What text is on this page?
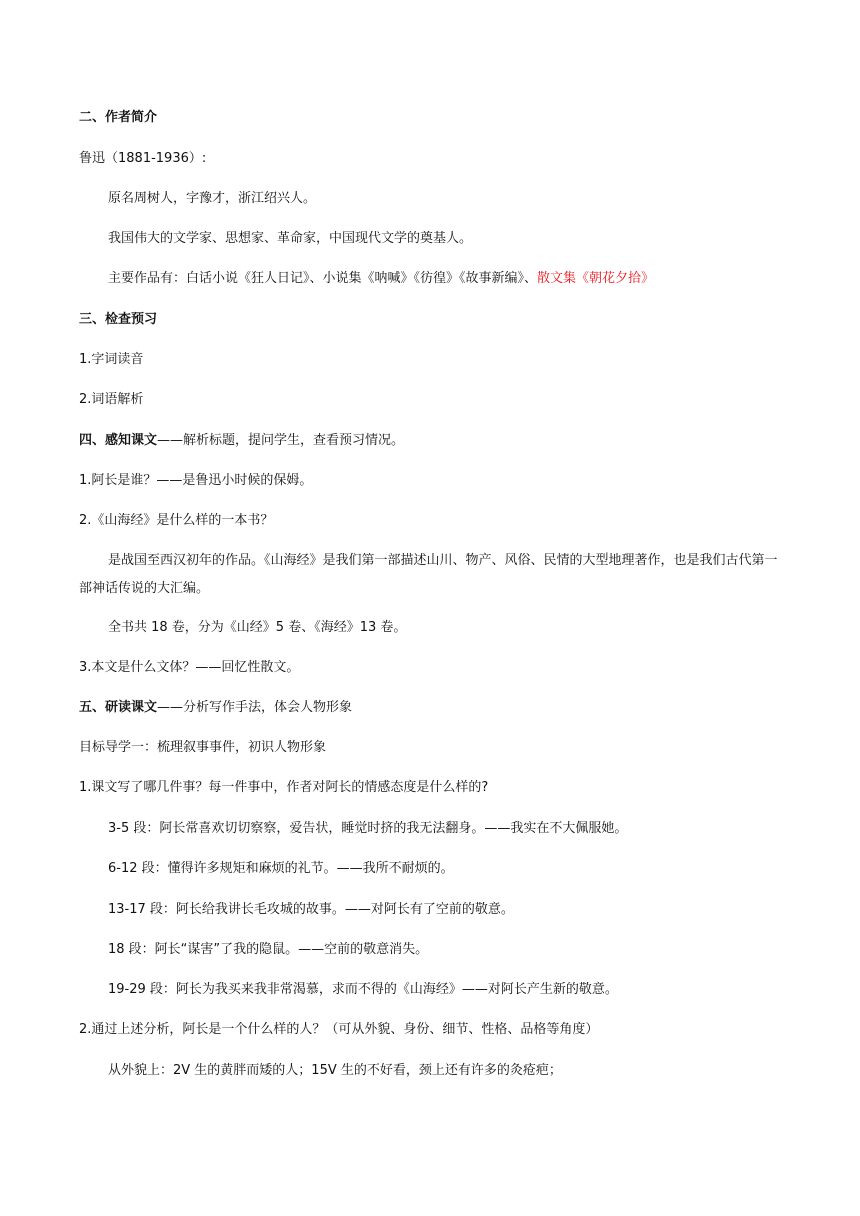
二、作者简介
鲁迅（1881-1936）:
原名周树人，字豫才，浙江绍兴人。
我国伟大的文学家、思想家、革命家，中国现代文学的奠基人。
主要作品有：白话小说《狂人日记》、小说集《呐喊》《彷徨》《故事新编》、散文集《朝花夕拾》
三、检查预习
1.字词读音
2.词语解析
四、感知课文——解析标题，提问学生，查看预习情况。
1.阿长是谁？——是鲁迅小时候的保姆。
2.《山海经》是什么样的一本书？
是战国至西汉初年的作品。《山海经》是我们第一部描述山川、物产、风俗、民情的大型地理著作，也是我们古代第一部神话传说的大汇编。
全书共 18 卷，分为《山经》5 卷、《海经》13 卷。
3.本文是什么文体？——回忆性散文。
五、研读课文——分析写作手法，体会人物形象
目标导学一：梳理叙事事件，初识人物形象
1.课文写了哪几件事？每一件事中，作者对阿长的情感态度是什么样的?
3-5 段：阿长常喜欢切切察察，爱告状，睡觉时挤的我无法翻身。——我实在不大佩服她。
6-12 段：懂得许多规矩和麻烦的礼节。——我所不耐烦的。
13-17 段：阿长给我讲长毛攻城的故事。——对阿长有了空前的敬意。
18 段：阿长“谋害”了我的隐鼠。——空前的敬意消失。
19-29 段：阿长为我买来我非常渴慕，求而不得的《山海经》——对阿长产生新的敬意。
2.通过上述分析，阿长是一个什么样的人？（可从外貌、身份、细节、性格、品格等角度）
从外貌上：2V 生的黄胖而矮的人；15V 生的不好看，颈上还有许多的灸疮疤；
